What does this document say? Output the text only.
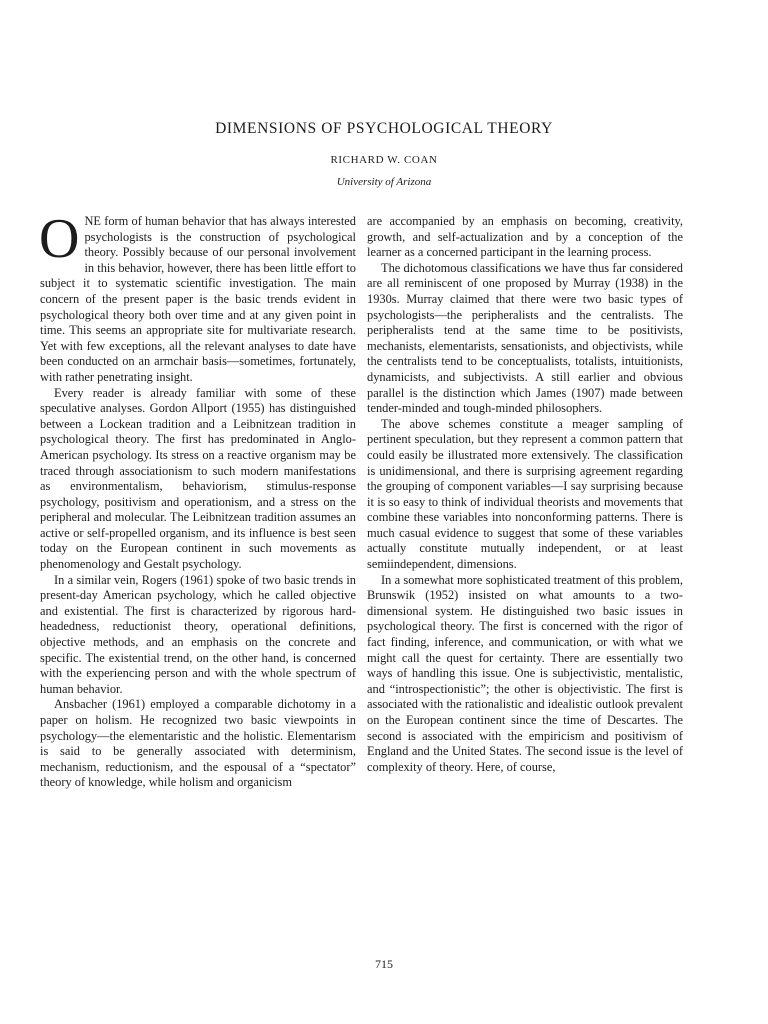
DIMENSIONS OF PSYCHOLOGICAL THEORY
RICHARD W. COAN
University of Arizona

ONE form of human behavior that has always interested psychologists is the construction of psychological theory. Possibly because of our personal involvement in this behavior, however, there has been little effort to subject it to systematic scientific investigation. The main concern of the present paper is the basic trends evident in psychological theory both over time and at any given point in time. This seems an appropriate site for multivariate research. Yet with few exceptions, all the relevant analyses to date have been conducted on an armchair basis—sometimes, fortunately, with rather penetrating insight.

Every reader is already familiar with some of these speculative analyses. Gordon Allport (1955) has distinguished between a Lockean tradition and a Leibnitzean tradition in psychological theory. The first has predominated in Anglo-American psychology. Its stress on a reactive organism may be traced through associationism to such modern manifestations as environmentalism, behaviorism, stimulus-response psychology, positivism and operationism, and a stress on the peripheral and molecular. The Leibnitzean tradition assumes an active or self-propelled organism, and its influence is best seen today on the European continent in such movements as phenomenology and Gestalt psychology.

In a similar vein, Rogers (1961) spoke of two basic trends in present-day American psychology, which he called objective and existential. The first is characterized by rigorous hard-headedness, reductionist theory, operational definitions, objective methods, and an emphasis on the concrete and specific. The existential trend, on the other hand, is concerned with the experiencing person and with the whole spectrum of human behavior.

Ansbacher (1961) employed a comparable dichotomy in a paper on holism. He recognized two basic viewpoints in psychology—the elementaristic and the holistic. Elementarism is said to be generally associated with determinism, mechanism, reductionism, and the espousal of a “spectator” theory of knowledge, while holism and organicism

are accompanied by an emphasis on becoming, creativity, growth, and self-actualization and by a conception of the learner as a concerned participant in the learning process.

The dichotomous classifications we have thus far considered are all reminiscent of one proposed by Murray (1938) in the 1930s. Murray claimed that there were two basic types of psychologists—the peripheralists and the centralists. The peripheralists tend at the same time to be positivists, mechanists, elementarists, sensationists, and objectivists, while the centralists tend to be conceptualists, totalists, intuitionists, dynamicists, and subjectivists. A still earlier and obvious parallel is the distinction which James (1907) made between tender-minded and tough-minded philosophers.

The above schemes constitute a meager sampling of pertinent speculation, but they represent a common pattern that could easily be illustrated more extensively. The classification is unidimensional, and there is surprising agreement regarding the grouping of component variables—I say surprising because it is so easy to think of individual theorists and movements that combine these variables into nonconforming patterns. There is much casual evidence to suggest that some of these variables actually constitute mutually independent, or at least semiindependent, dimensions.

In a somewhat more sophisticated treatment of this problem, Brunswik (1952) insisted on what amounts to a two-dimensional system. He distinguished two basic issues in psychological theory. The first is concerned with the rigor of fact finding, inference, and communication, or with what we might call the quest for certainty. There are essentially two ways of handling this issue. One is subjectivistic, mentalistic, and “introspectionistic”; the other is objectivistic. The first is associated with the rationalistic and idealistic outlook prevalent on the European continent since the time of Descartes. The second is associated with the empiricism and positivism of England and the United States. The second issue is the level of complexity of theory. Here, of course,

715
